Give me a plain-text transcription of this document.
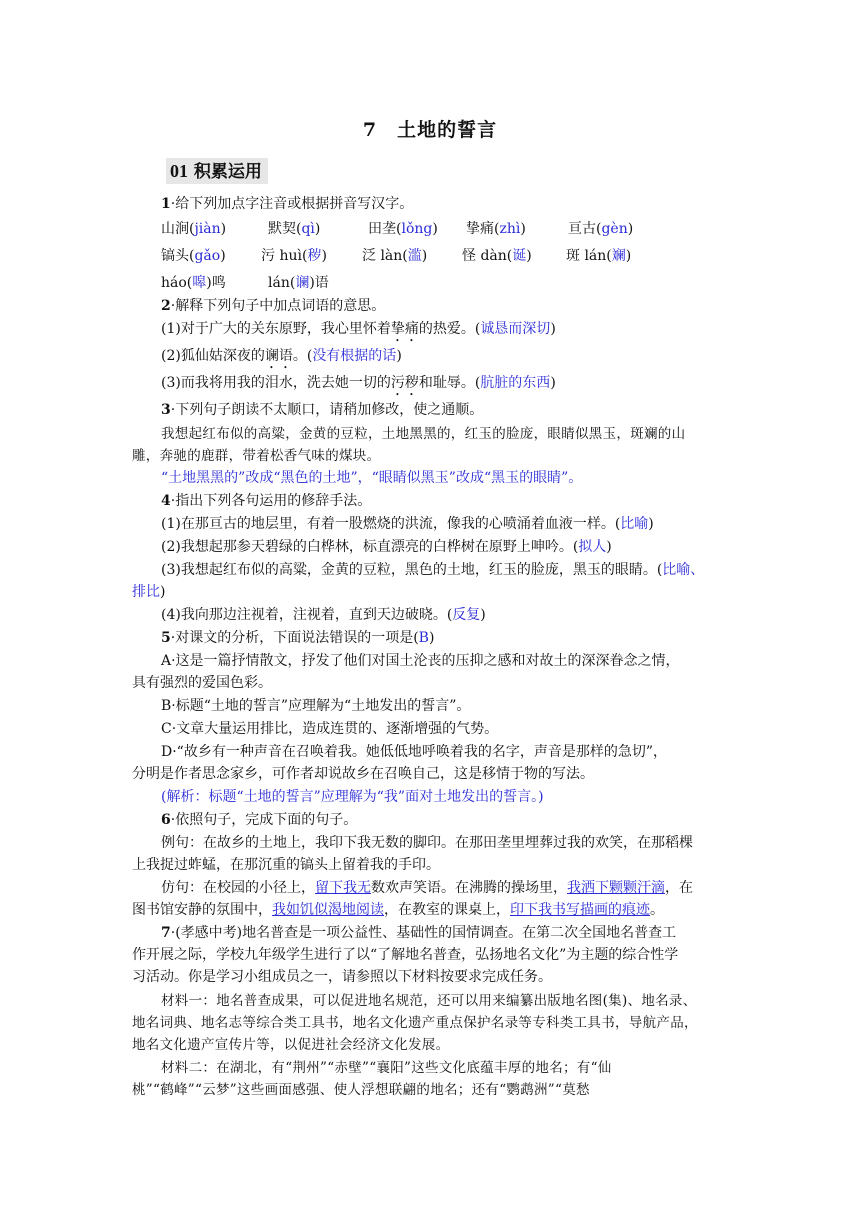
7　土地的誓言
01 积累运用
1·给下列加点字注音或根据拼音写汉字。
山涧(jiàn)	默契(qì)	田垄(lǒng) 挚痛(zhì)	亘古(gèn)
镐头(gǎo)	污 huì(秽)	泛 làn(滥) 怪 dàn(诞) 斑 lán(斓)
háo(嗥)鸣	lán(谰)语
2·解释下列句子中加点词语的意思。
(1)对于广大的关东原野，我心里怀着挚痛的热爱。(诚恳而深切)
(2)狐仙姑深夜的谰语。(没有根据的话)
(3)而我将用我的泪水，洗去她一切的污秽和耻辱。(肮脏的东西)
3·下列句子朗读不太顺口，请稍加修改，使之通顺。
我想起红布似的高粱，金黄的豆粒，土地黑黑的，红玉的脸庞，眼睛似黑玉，斑斓的山
雕，奔驰的鹿群，带着松香气味的煤块。
“土地黑黑的”改成“黑色的土地”，“眼睛似黑玉”改成“黑玉的眼睛”。
4·指出下列各句运用的修辞手法。
(1)在那亘古的地层里，有着一股燃烧的洪流，像我的心喷涌着血液一样。(比喻)
(2)我想起那参天碧绿的白桦林，标直漂亮的白桦树在原野上呻吟。(拟人)
(3)我想起红布似的高粱，金黄的豆粒，黑色的土地，红玉的脸庞，黑玉的眼睛。(比喻、
排比)
(4)我向那边注视着，注视着，直到天边破晓。(反复)
5·对课文的分析，下面说法错误的一项是(B)
A·这是一篇抒情散文，抒发了他们对国土沦丧的压抑之感和对故土的深深眷念之情，
具有强烈的爱国色彩。
B·标题“土地的誓言”应理解为“土地发出的誓言”。
C·文章大量运用排比，造成连贯的、逐渐增强的气势。
D·“故乡有一种声音在召唤着我。她低低地呼唤着我的名字，声音是那样的急切”，
分明是作者思念家乡，可作者却说故乡在召唤自己，这是移情于物的写法。
(解析：标题“土地的誓言”应理解为“我”面对土地发出的誓言。)
6·依照句子，完成下面的句子。
例句：在故乡的土地上，我印下我无数的脚印。在那田垄里埋葬过我的欢笑，在那稻棵
上我捉过蚱蜢，在那沉重的镐头上留着我的手印。
仿句：在校园的小径上，留下我无数欢声笑语。在沸腾的操场里，我洒下颗颗汗滴，在
图书馆安静的氛围中，我如饥似渴地阅读，在教室的课桌上，印下我书写描画的痕迹。
7·(孝感中考)地名普查是一项公益性、基础性的国情调查。在第二次全国地名普查工
作开展之际，学校九年级学生进行了以“了解地名普查，弘扬地名文化”为主题的综合性学
习活动。你是学习小组成员之一，请参照以下材料按要求完成任务。
材料一：地名普查成果，可以促进地名规范，还可以用来编纂出版地名图(集)、地名录、
地名词典、地名志等综合类工具书，地名文化遗产重点保护名录等专科类工具书，导航产品，
地名文化遗产宣传片等，以促进社会经济文化发展。
材料二：在湖北，有“荆州”“赤壁”“襄阳”这些文化底蕴丰厚的地名；有“仙
桃”“鹤峰”“云梦”这些画面感强、使人浮想联翩的地名；还有“鹦鹉洲”“莫愁
